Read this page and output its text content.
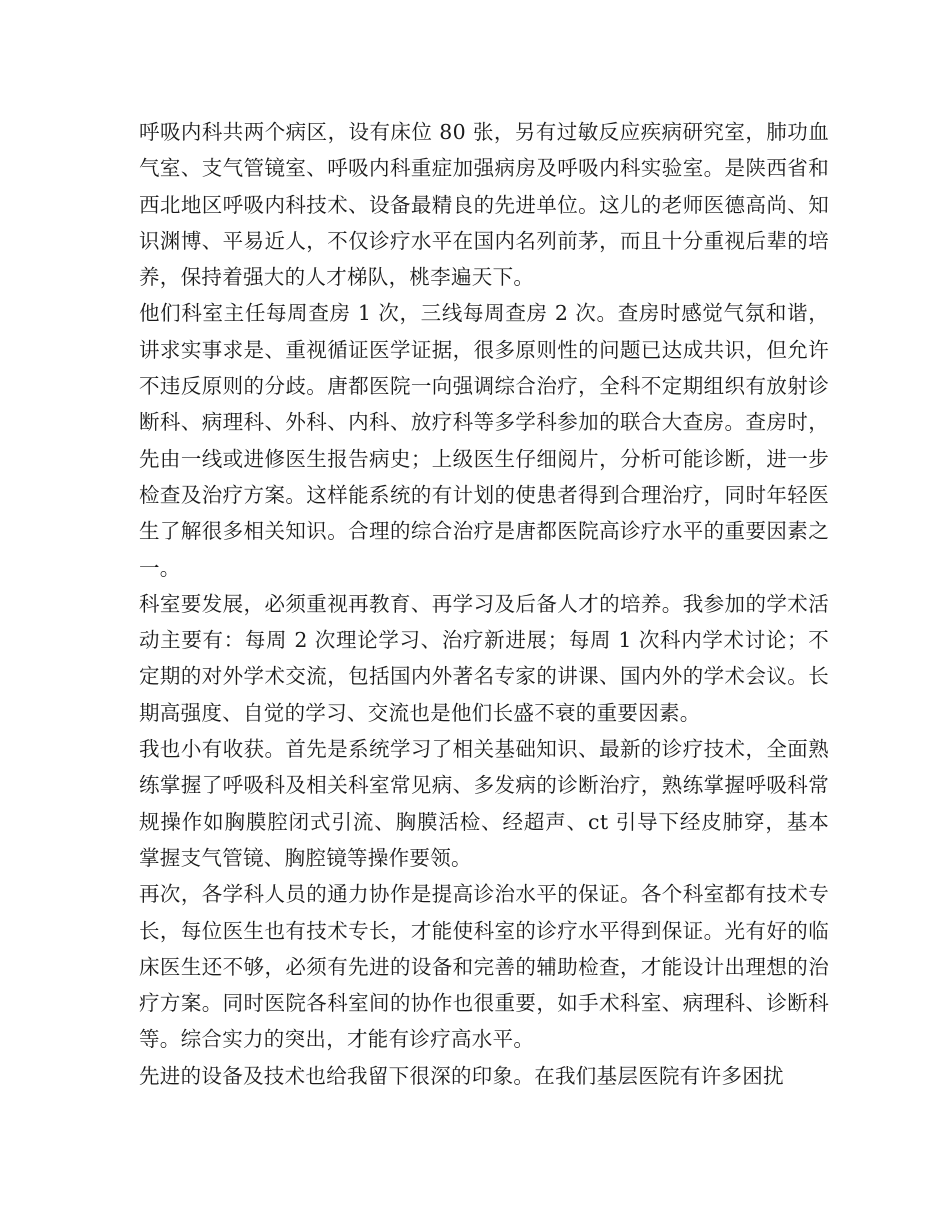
呼吸内科共两个病区，设有床位 80 张，另有过敏反应疾病研究室，肺功血气室、支气管镜室、呼吸内科重症加强病房及呼吸内科实验室。是陕西省和西北地区呼吸内科技术、设备最精良的先进单位。这儿的老师医德高尚、知识渊博、平易近人，不仅诊疗水平在国内名列前茅，而且十分重视后辈的培养，保持着强大的人才梯队，桃李遍天下。

他们科室主任每周查房 1 次，三线每周查房 2 次。查房时感觉气氛和谐，讲求实事求是、重视循证医学证据，很多原则性的问题已达成共识，但允许不违反原则的分歧。唐都医院一向强调综合治疗，全科不定期组织有放射诊断科、病理科、外科、内科、放疗科等多学科参加的联合大查房。查房时，先由一线或进修医生报告病史；上级医生仔细阅片，分析可能诊断，进一步检查及治疗方案。这样能系统的有计划的使患者得到合理治疗，同时年轻医生了解很多相关知识。合理的综合治疗是唐都医院高诊疗水平的重要因素之一。

科室要发展，必须重视再教育、再学习及后备人才的培养。我参加的学术活动主要有：每周 2 次理论学习、治疗新进展；每周 1 次科内学术讨论；不定期的对外学术交流，包括国内外著名专家的讲课、国内外的学术会议。长期高强度、自觉的学习、交流也是他们长盛不衰的重要因素。

我也小有收获。首先是系统学习了相关基础知识、最新的诊疗技术，全面熟练掌握了呼吸科及相关科室常见病、多发病的诊断治疗，熟练掌握呼吸科常规操作如胸膜腔闭式引流、胸膜活检、经超声、ct 引导下经皮肺穿，基本掌握支气管镜、胸腔镜等操作要领。

再次，各学科人员的通力协作是提高诊治水平的保证。各个科室都有技术专长，每位医生也有技术专长，才能使科室的诊疗水平得到保证。光有好的临床医生还不够，必须有先进的设备和完善的辅助检查，才能设计出理想的治疗方案。同时医院各科室间的协作也很重要，如手术科室、病理科、诊断科等。综合实力的突出，才能有诊疗高水平。

先进的设备及技术也给我留下很深的印象。在我们基层医院有许多困扰
